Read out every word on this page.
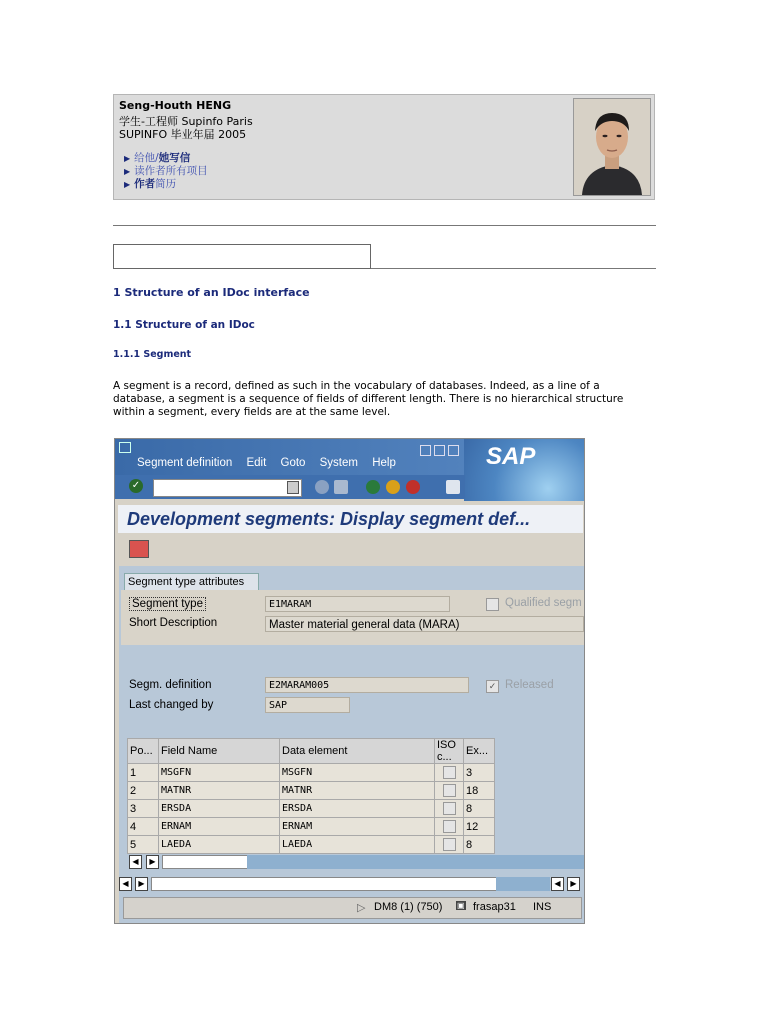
Seng-Houth HENG
学生-工程师 Supinfo Paris
SUPINFO 毕业年届 2005
▶ 给他/她写信
▶ 读作者所有项目
▶ 作者简历
1 Structure of an IDoc interface
1.1 Structure of an IDoc
1.1.1 Segment
A segment is a record, defined as such in the vocabulary of databases. Indeed, as a line of a database, a segment is a sequence of fields of different length. There is no hierarchical structure within a segment, every fields are at the same level.
Segment definition Edit Goto System Help	SAP
✓
Development segments: Display segment def...
Segment type attributes
Segment type	E1MARAM	Qualified segm
Short Description	Master material general data (MARA)
Segm. definition	E2MARAM005	✓ Released
Last changed by	SAP
Po...	Field Name	Data element	ISO c...	Ex...
1	MSGFN	MSGFN		3
2	MATNR	MATNR		18
3	ERSDA	ERSDA		8
4	ERNAM	ERNAM		12
5	LAEDA	LAEDA		8
◀	▶
◀	▶	◀	▶
▷ DM8 (1) (750) ▣ frasap31 INS
